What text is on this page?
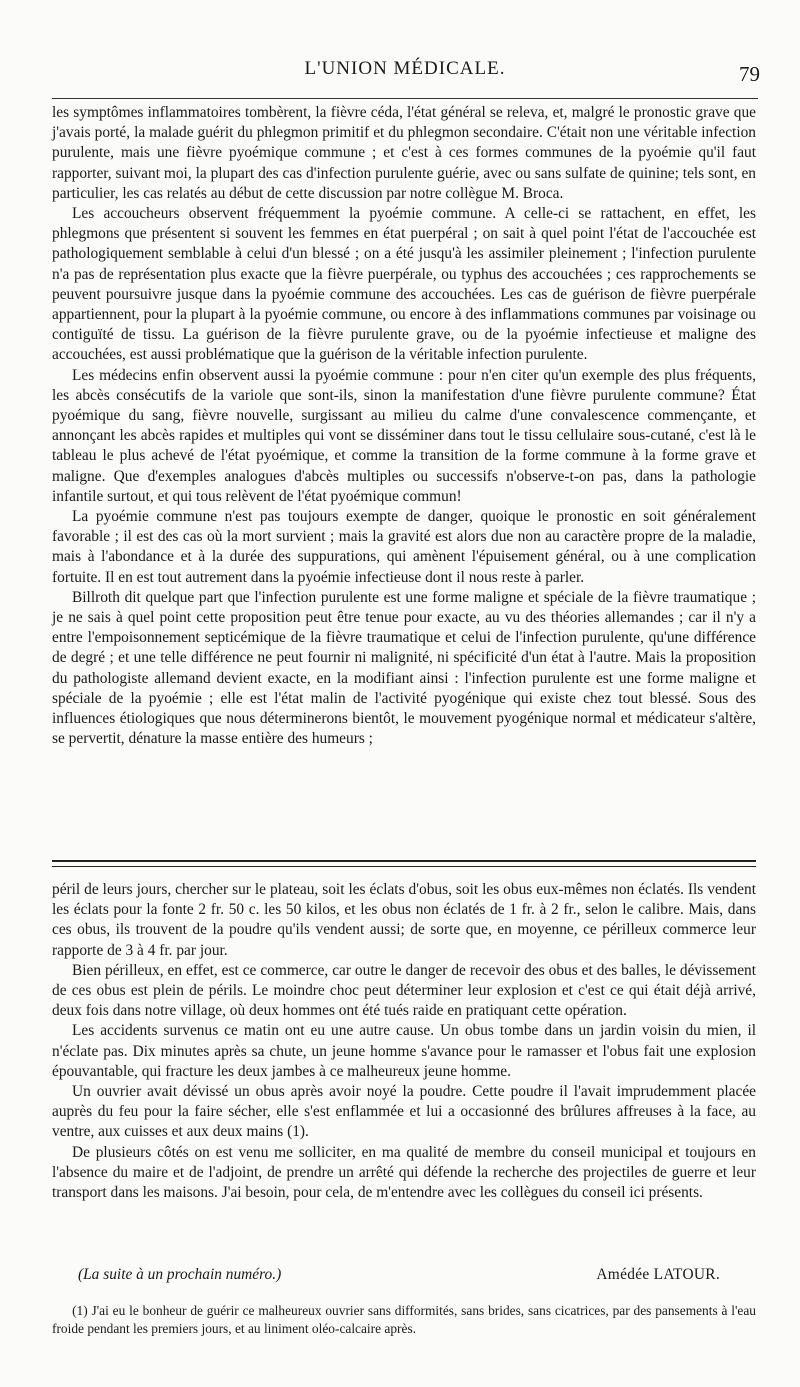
L'UNION MÉDICALE.	79

les symptômes inflammatoires tombèrent, la fièvre céda, l'état général se releva, et, malgré le pronostic grave que j'avais porté, la malade guérit du phlegmon primitif et du phlegmon secondaire. C'était non une véritable infection purulente, mais une fièvre pyoémique commune ; et c'est à ces formes communes de la pyoémie qu'il faut rapporter, suivant moi, la plupart des cas d'infection purulente guérie, avec ou sans sulfate de quinine; tels sont, en particulier, les cas relatés au début de cette discussion par notre collègue M. Broca.

Les accoucheurs observent fréquemment la pyoémie commune. A celle-ci se rattachent, en effet, les phlegmons que présentent si souvent les femmes en état puerpéral ; on sait à quel point l'état de l'accouchée est pathologiquement semblable à celui d'un blessé ; on a été jusqu'à les assimiler pleinement ; l'infection purulente n'a pas de représentation plus exacte que la fièvre puerpérale, ou typhus des accouchées ; ces rapprochements se peuvent poursuivre jusque dans la pyoémie commune des accouchées. Les cas de guérison de fièvre puerpérale appartiennent, pour la plupart à la pyoémie commune, ou encore à des inflammations communes par voisinage ou contiguïté de tissu. La guérison de la fièvre purulente grave, ou de la pyoémie infectieuse et maligne des accouchées, est aussi problématique que la guérison de la véritable infection purulente.

Les médecins enfin observent aussi la pyoémie commune : pour n'en citer qu'un exemple des plus fréquents, les abcès consécutifs de la variole que sont-ils, sinon la manifestation d'une fièvre purulente commune? État pyoémique du sang, fièvre nouvelle, surgissant au milieu du calme d'une convalescence commençante, et annonçant les abcès rapides et multiples qui vont se disséminer dans tout le tissu cellulaire sous-cutané, c'est là le tableau le plus achevé de l'état pyoémique, et comme la transition de la forme commune à la forme grave et maligne. Que d'exemples analogues d'abcès multiples ou successifs n'observe-t-on pas, dans la pathologie infantile surtout, et qui tous relèvent de l'état pyoémique commun!

La pyoémie commune n'est pas toujours exempte de danger, quoique le pronostic en soit généralement favorable ; il est des cas où la mort survient ; mais la gravité est alors due non au caractère propre de la maladie, mais à l'abondance et à la durée des suppurations, qui amènent l'épuisement général, ou à une complication fortuite. Il en est tout autrement dans la pyoémie infectieuse dont il nous reste à parler.

Billroth dit quelque part que l'infection purulente est une forme maligne et spéciale de la fièvre traumatique ; je ne sais à quel point cette proposition peut être tenue pour exacte, au vu des théories allemandes ; car il n'y a entre l'empoisonnement septicémique de la fièvre traumatique et celui de l'infection purulente, qu'une différence de degré ; et une telle différence ne peut fournir ni malignité, ni spécificité d'un état à l'autre. Mais la proposition du pathologiste allemand devient exacte, en la modifiant ainsi : l'infection purulente est une forme maligne et spéciale de la pyoémie ; elle est l'état malin de l'activité pyogénique qui existe chez tout blessé. Sous des influences étiologiques que nous déterminerons bientôt, le mouvement pyogénique normal et médicateur s'altère, se pervertit, dénature la masse entière des humeurs ;

péril de leurs jours, chercher sur le plateau, soit les éclats d'obus, soit les obus eux-mêmes non éclatés. Ils vendent les éclats pour la fonte 2 fr. 50 c. les 50 kilos, et les obus non éclatés de 1 fr. à 2 fr., selon le calibre. Mais, dans ces obus, ils trouvent de la poudre qu'ils vendent aussi; de sorte que, en moyenne, ce périlleux commerce leur rapporte de 3 à 4 fr. par jour.

Bien périlleux, en effet, est ce commerce, car outre le danger de recevoir des obus et des balles, le dévissement de ces obus est plein de périls. Le moindre choc peut déterminer leur explosion et c'est ce qui était déjà arrivé, deux fois dans notre village, où deux hommes ont été tués raide en pratiquant cette opération.

Les accidents survenus ce matin ont eu une autre cause. Un obus tombe dans un jardin voisin du mien, il n'éclate pas. Dix minutes après sa chute, un jeune homme s'avance pour le ramasser et l'obus fait une explosion épouvantable, qui fracture les deux jambes à ce malheureux jeune homme.

Un ouvrier avait dévissé un obus après avoir noyé la poudre. Cette poudre il l'avait imprudemment placée auprès du feu pour la faire sécher, elle s'est enflammée et lui a occasionné des brûlures affreuses à la face, au ventre, aux cuisses et aux deux mains (1).

De plusieurs côtés on est venu me solliciter, en ma qualité de membre du conseil municipal et toujours en l'absence du maire et de l'adjoint, de prendre un arrêté qui défende la recherche des projectiles de guerre et leur transport dans les maisons. J'ai besoin, pour cela, de m'entendre avec les collègues du conseil ici présents.

(La suite à un prochain numéro.)	Amédée LATOUR.
(1) J'ai eu le bonheur de guérir ce malheureux ouvrier sans difformités, sans brides, sans cicatrices, par des pansements à l'eau froide pendant les premiers jours, et au liniment oléo-calcaire après.
